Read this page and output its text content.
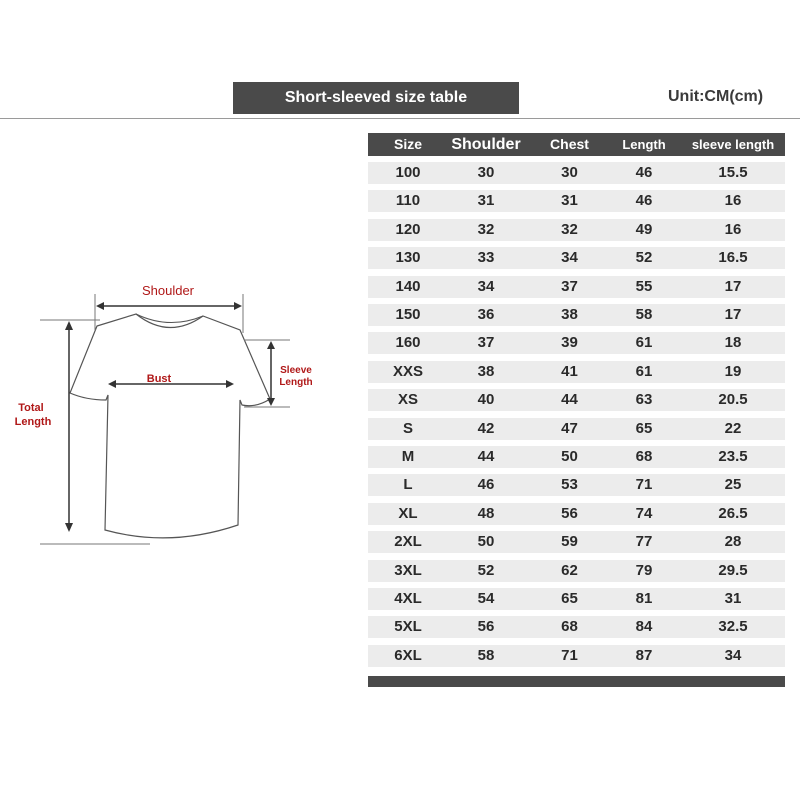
Short-sleeved size table	Unit:CM(cm)
Shoulder
Bust
Sleeve
Length
Total
Length
Size	Shoulder	Chest	Length	sleeve length
100	30	30	46	15.5
110	31	31	46	16
120	32	32	49	16
130	33	34	52	16.5
140	34	37	55	17
150	36	38	58	17
160	37	39	61	18
XXS	38	41	61	19
XS	40	44	63	20.5
S	42	47	65	22
M	44	50	68	23.5
L	46	53	71	25
XL	48	56	74	26.5
2XL	50	59	77	28
3XL	52	62	79	29.5
4XL	54	65	81	31
5XL	56	68	84	32.5
6XL	58	71	87	34
